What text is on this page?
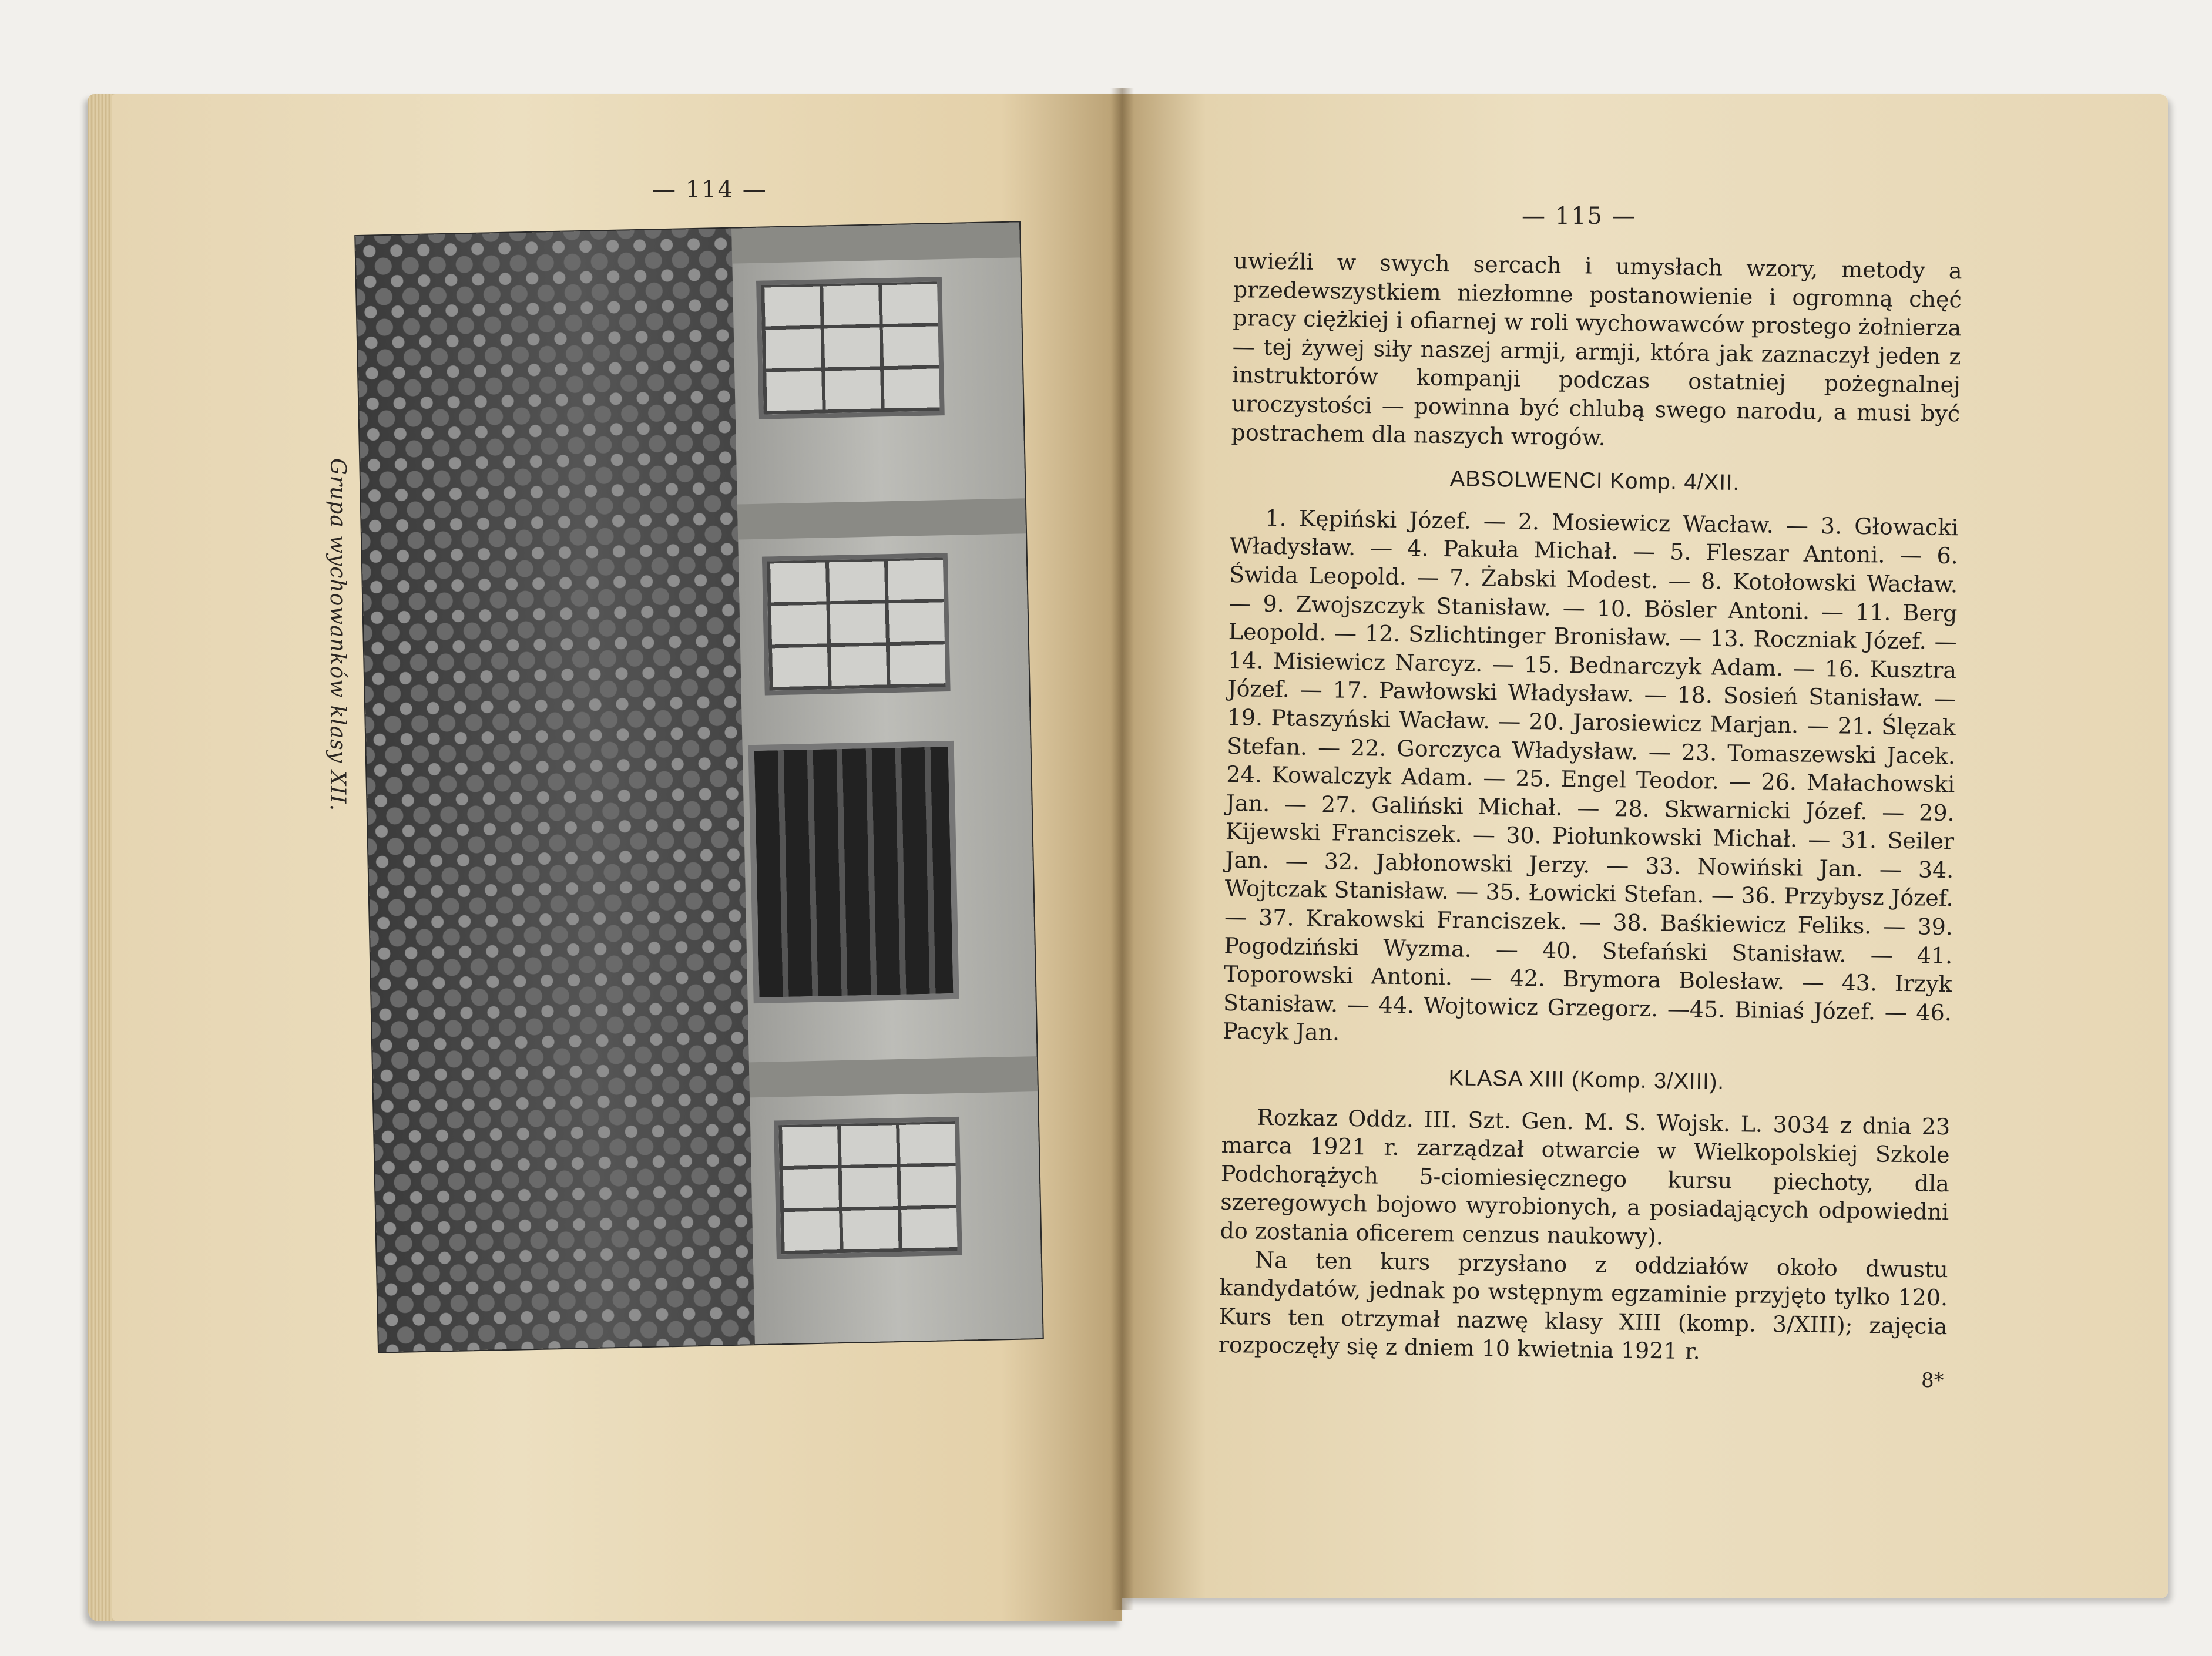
— 114 —
Grupa wychowanków klasy XII.
— 115 —

uwieźli w swych sercach i umysłach wzory, metody a przedewszystkiem niezłomne postanowienie i ogromną chęć pracy ciężkiej i ofiarnej w roli wychowawców prostego żołnierza — tej żywej siły naszej armji, armji, która jak zaznaczył jeden z instruktorów kompanji podczas ostatniej pożegnalnej uroczystości — powinna być chlubą swego narodu, a musi być postrachem dla naszych wrogów.

ABSOLWENCI Komp. 4/XII.

1. Kępiński Józef. — 2. Mosiewicz Wacław. — 3. Głowacki Władysław. — 4. Pakuła Michał. — 5. Fleszar Antoni. — 6. Świda Leopold. — 7. Żabski Modest. — 8. Kotołowski Wacław. — 9. Zwojszczyk Stanisław. — 10. Bösler Antoni. — 11. Berg Leopold. — 12. Szlichtinger Bronisław. — 13. Roczniak Józef. — 14. Misiewicz Narcyz. — 15. Bednarczyk Adam. — 16. Kusztra Józef. — 17. Pawłowski Władysław. — 18. Sosień Stanisław. — 19. Ptaszyński Wacław. — 20. Jarosiewicz Marjan. — 21. Ślęzak Stefan. — 22. Gorczyca Władysław. — 23. Tomaszewski Jacek. 24. Kowalczyk Adam. — 25. Engel Teodor. — 26. Małachowski Jan. — 27. Galiński Michał. — 28. Skwarnicki Józef. — 29. Kijewski Franciszek. — 30. Piołunkowski Michał. — 31. Seiler Jan. — 32. Jabłonowski Jerzy. — 33. Nowiński Jan. — 34. Wojtczak Stanisław. — 35. Łowicki Stefan. — 36. Przybysz Józef. — 37. Krakowski Franciszek. — 38. Baśkiewicz Feliks. — 39. Pogodziński Wyzma. — 40. Stefański Stanisław. — 41. Toporowski Antoni. — 42. Brymora Bolesław. — 43. Irzyk Stanisław. — 44. Wojtowicz Grzegorz. —45. Biniaś Józef. — 46. Pacyk Jan.

KLASA XIII (Komp. 3/XIII).

Rozkaz Oddz. III. Szt. Gen. M. S. Wojsk. L. 3034 z dnia 23 marca 1921 r. zarządzał otwarcie w Wielkopolskiej Szkole Podchorążych 5-ciomiesięcznego kursu piechoty, dla szeregowych bojowo wyrobionych, a posiadających odpowiedni do zostania oficerem cenzus naukowy).

Na ten kurs przysłano z oddziałów około dwustu kandydatów, jednak po wstępnym egzaminie przyjęto tylko 120. Kurs ten otrzymał nazwę klasy XIII (komp. 3/XIII); zajęcia rozpoczęły się z dniem 10 kwietnia 1921 r.

8*
